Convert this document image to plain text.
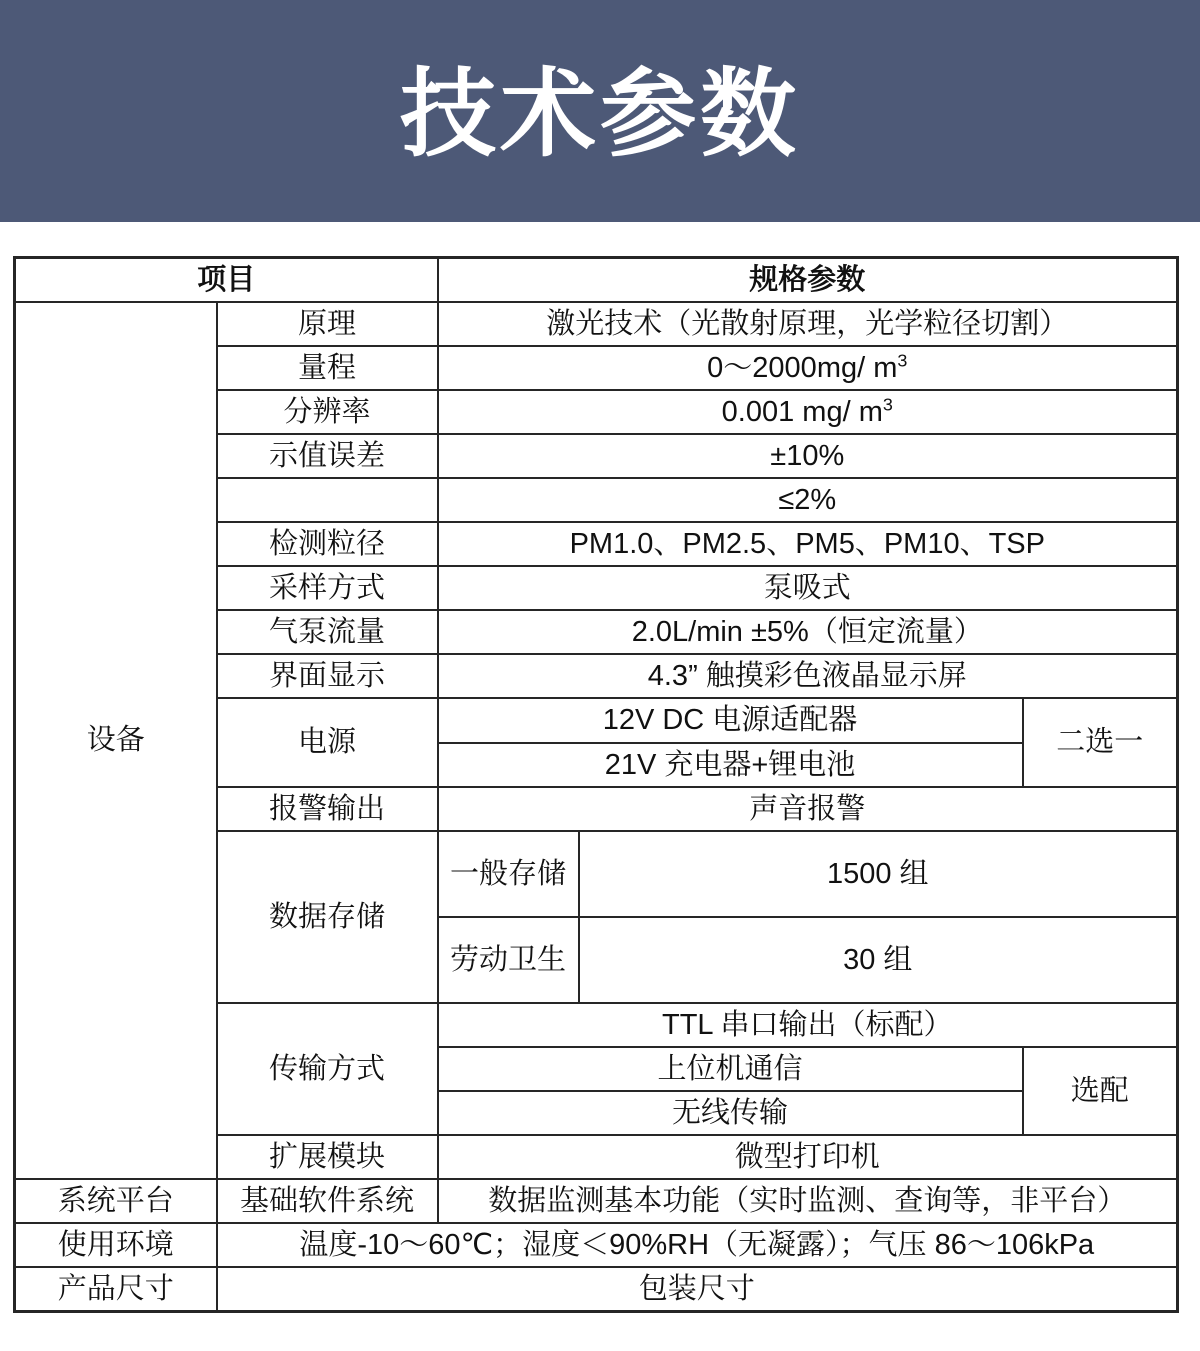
技术参数
项目		规格参数		
设备	原理	激光技术（光散射原理，光学粒径切割）		
	量程	0～2000mg/ $m^3$
	分辨率	0.001 mg/ $m^3$
	示值误差	±10%		
		≤2%		
	检测粒径	PM1.0、PM2.5、PM5、PM10、TSP		
	采样方式	泵吸式		
	气泵流量	2.0L/min ±5%（恒定流量）		
	界面显示	4.3” 触摸彩色液晶显示屏		
	电源	12V DC 电源适配器		二选一
		21V 充电器+锂电池		
	报警输出	声音报警		
	数据存储	一般存储	1500 组	
		劳动卫生	30 组	
	传输方式	TTL 串口输出（标配）		
		上位机通信		选配
		无线传输		
	扩展模块	微型打印机		
系统平台	基础软件系统	数据监测基本功能（实时监测、查询等，非平台）		
使用环境	温度-10～60℃；湿度＜90%RH（无凝露）；气压 86～106kPa			
产品尺寸	包装尺寸			
